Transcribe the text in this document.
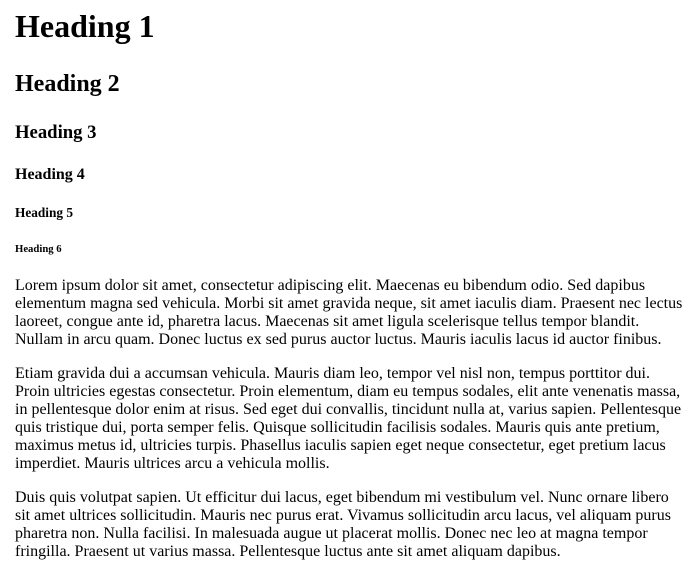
Heading 1
Heading 2
Heading 3
Heading 4
Heading 5
Heading 6

Lorem ipsum dolor sit amet, consectetur adipiscing elit. Maecenas eu bibendum odio. Sed dapibus elementum magna sed vehicula. Morbi sit amet gravida neque, sit amet iaculis diam. Praesent nec lectus laoreet, congue ante id, pharetra lacus. Maecenas sit amet ligula scelerisque tellus tempor blandit. Nullam in arcu quam. Donec luctus ex sed purus auctor luctus. Mauris iaculis lacus id auctor finibus.

Etiam gravida dui a accumsan vehicula. Mauris diam leo, tempor vel nisl non, tempus porttitor dui. Proin ultricies egestas consectetur. Proin elementum, diam eu tempus sodales, elit ante venenatis massa, in pellentesque dolor enim at risus. Sed eget dui convallis, tincidunt nulla at, varius sapien. Pellentesque quis tristique dui, porta semper felis. Quisque sollicitudin facilisis sodales. Mauris quis ante pretium, maximus metus id, ultricies turpis. Phasellus iaculis sapien eget neque consectetur, eget pretium lacus imperdiet. Mauris ultrices arcu a vehicula mollis.

Duis quis volutpat sapien. Ut efficitur dui lacus, eget bibendum mi vestibulum vel. Nunc ornare libero sit amet ultrices sollicitudin. Mauris nec purus erat. Vivamus sollicitudin arcu lacus, vel aliquam purus pharetra non. Nulla facilisi. In malesuada augue ut placerat mollis. Donec nec leo at magna tempor fringilla. Praesent ut varius massa. Pellentesque luctus ante sit amet aliquam dapibus.
